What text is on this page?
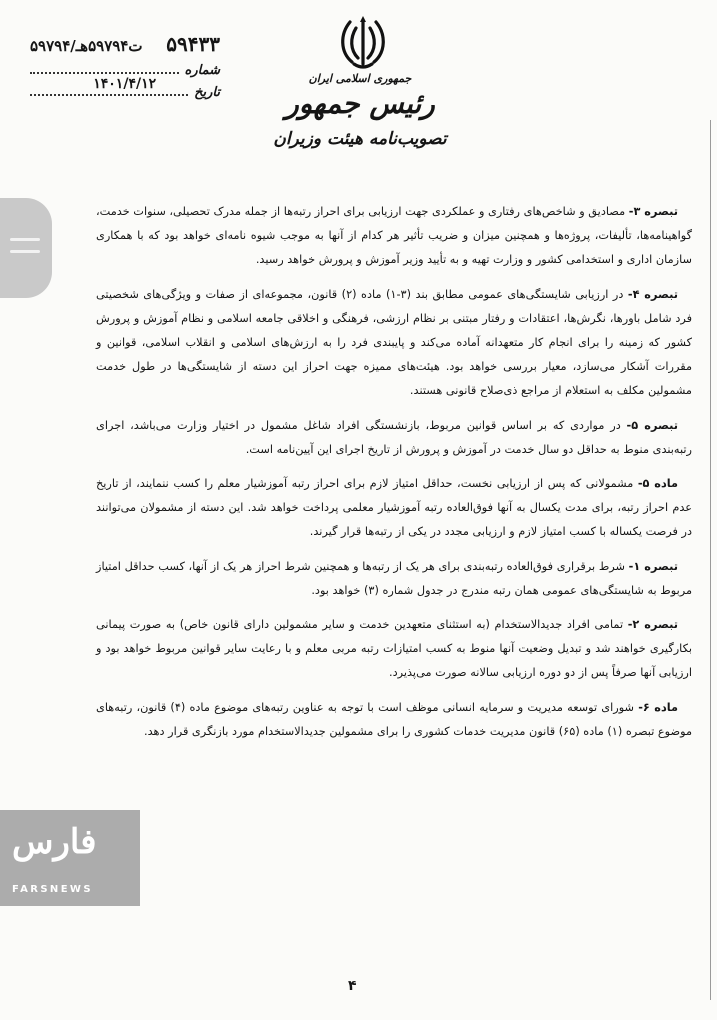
۵۹۷۹۴/ت۵۹۷۹۴هـ ۵۹۴۳۳
شماره
تاریخ
۱۴۰۱/۴/۱۲	جمهوری اسلامی ایران
رئیس جمهور
تصویب‌نامه هیئت وزیران

تبصره ۳- مصادیق و شاخص‌های رفتاری و عملکردی جهت ارزیابی برای احراز رتبه‌ها از جمله مدرک تحصیلی، سنوات خدمت، گواهینامه‌ها، تألیفات، پروژه‌ها و همچنین میزان و ضریب تأثیر هر کدام از آنها به موجب شیوه نامه‌ای خواهد بود که با همکاری سازمان اداری و استخدامی کشور و وزارت تهیه و به تأیید وزیر آموزش و پرورش خواهد رسید.

تبصره ۴- در ارزیابی شایستگی‌های عمومی مطابق بند (۳-۱) ماده (۲) قانون، مجموعه‌ای از صفات و ویژگی‌های شخصیتی فرد شامل باورها، نگرش‌ها، اعتقادات و رفتار مبتنی بر نظام ارزشی، فرهنگی و اخلاقی جامعه اسلامی و نظام آموزش و پرورش کشور که زمینه را برای انجام کار متعهدانه آماده می‌کند و پایبندی فرد را به ارزش‌های اسلامی و انقلاب اسلامی، قوانین و مقررات آشکار می‌سازد، معیار بررسی خواهد بود. هیئت‌های ممیزه جهت احراز این دسته از شایستگی‌ها در طول خدمت مشمولین مکلف به استعلام از مراجع ذی‌صلاح قانونی هستند.

تبصره ۵- در مواردی که بر اساس قوانین مربوط، بازنشستگی افراد شاغل مشمول در اختیار وزارت می‌باشد، اجرای رتبه‌بندی منوط به حداقل دو سال خدمت در آموزش و پرورش از تاریخ اجرای این آیین‌نامه است.

ماده ۵- مشمولانی که پس از ارزیابی نخست، حداقل امتیاز لازم برای احراز رتبه آموزشیار معلم را کسب ننمایند، از تاریخ عدم احراز رتبه، برای مدت یکسال به آنها فوق‌العاده رتبه آموزشیار معلمی پرداخت خواهد شد. این دسته از مشمولان می‌توانند در فرصت یکساله با کسب امتیاز لازم و ارزیابی مجدد در یکی از رتبه‌ها قرار گیرند.

تبصره ۱- شرط برقراری فوق‌العاده رتبه‌بندی برای هر یک از رتبه‌ها و همچنین شرط احراز هر یک از آنها، کسب حداقل امتیاز مربوط به شایستگی‌های عمومی همان رتبه مندرج در جدول شماره (۳) خواهد بود.

تبصره ۲- تمامی افراد جدیدالاستخدام (به استثنای متعهدین خدمت و سایر مشمولین دارای قانون خاص) به صورت پیمانی بکارگیری خواهند شد و تبدیل وضعیت آنها منوط به کسب امتیازات رتبه مربی معلم و با رعایت سایر قوانین مربوط خواهد بود و ارزیابی آنها صرفاً پس از دو دوره ارزیابی سالانه صورت می‌پذیرد.

ماده ۶- شورای توسعه مدیریت و سرمایه انسانی موظف است با توجه به عناوین رتبه‌های موضوع ماده (۴) قانون، رتبه‌های موضوع تبصره (۱) ماده (۶۵) قانون مدیریت خدمات کشوری را برای مشمولین جدیدالاستخدام مورد بازنگری قرار دهد.

۴
فارس
FARSNEWS
